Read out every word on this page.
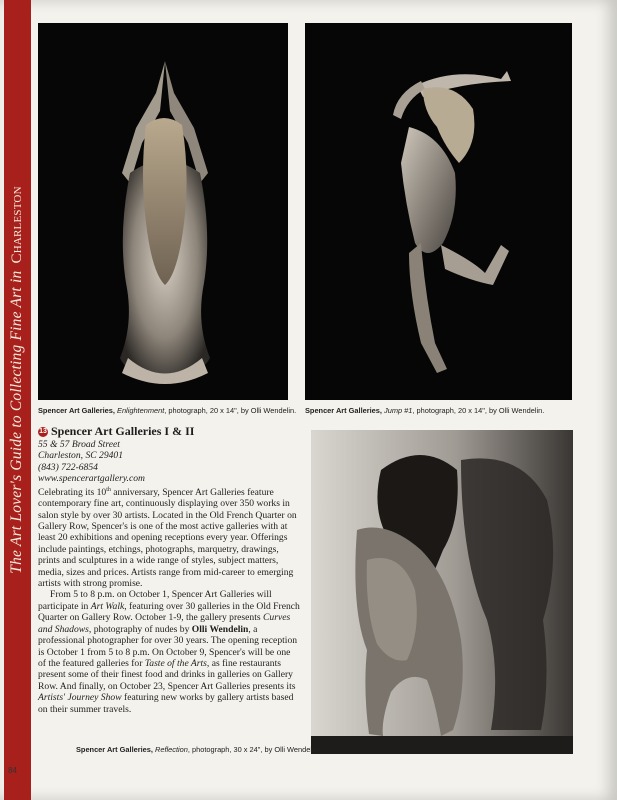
The Art Lover's Guide to Collecting Fine Art in Charleston
Spencer Art Galleries, Enlightenment, photograph, 20 x 14", by Olli Wendelin. Spencer Art Galleries, Jump #1, photograph, 20 x 14", by Olli Wendelin.
13 Spencer Art Galleries I & II
55 & 57 Broad Street
Charleston, SC 29401
(843) 722-6854
www.spencerartgallery.com

Celebrating its 10th anniversary, Spencer Art Galleries feature contemporary fine art, continuously displaying over 350 works in salon style by over 30 artists. Located in the Old French Quarter on Gallery Row, Spencer's is one of the most active galleries with at least 20 exhibitions and opening receptions every year. Offerings include paintings, etchings, photographs, marquetry, drawings, prints and sculptures in a wide range of styles, subject matters, media, sizes and prices. Artists range from mid-career to emerging artists with strong promise.

From 5 to 8 p.m. on October 1, Spencer Art Galleries will participate in Art Walk, featuring over 30 galleries in the Old French Quarter on Gallery Row. October 1-9, the gallery presents Curves and Shadows, photography of nudes by Olli Wendelin, a professional photographer for over 30 years. The opening reception is October 1 from 5 to 8 p.m. On October 9, Spencer's will be one of the featured galleries for Taste of the Arts, as fine restaurants present some of their finest food and drinks in galleries on Gallery Row. And finally, on October 23, Spencer Art Galleries presents its Artists' Journey Show featuring new works by gallery artists based on their summer travels.

Spencer Art Galleries, Reflection, photograph, 30 x 24", by Olli Wendelin.
84
